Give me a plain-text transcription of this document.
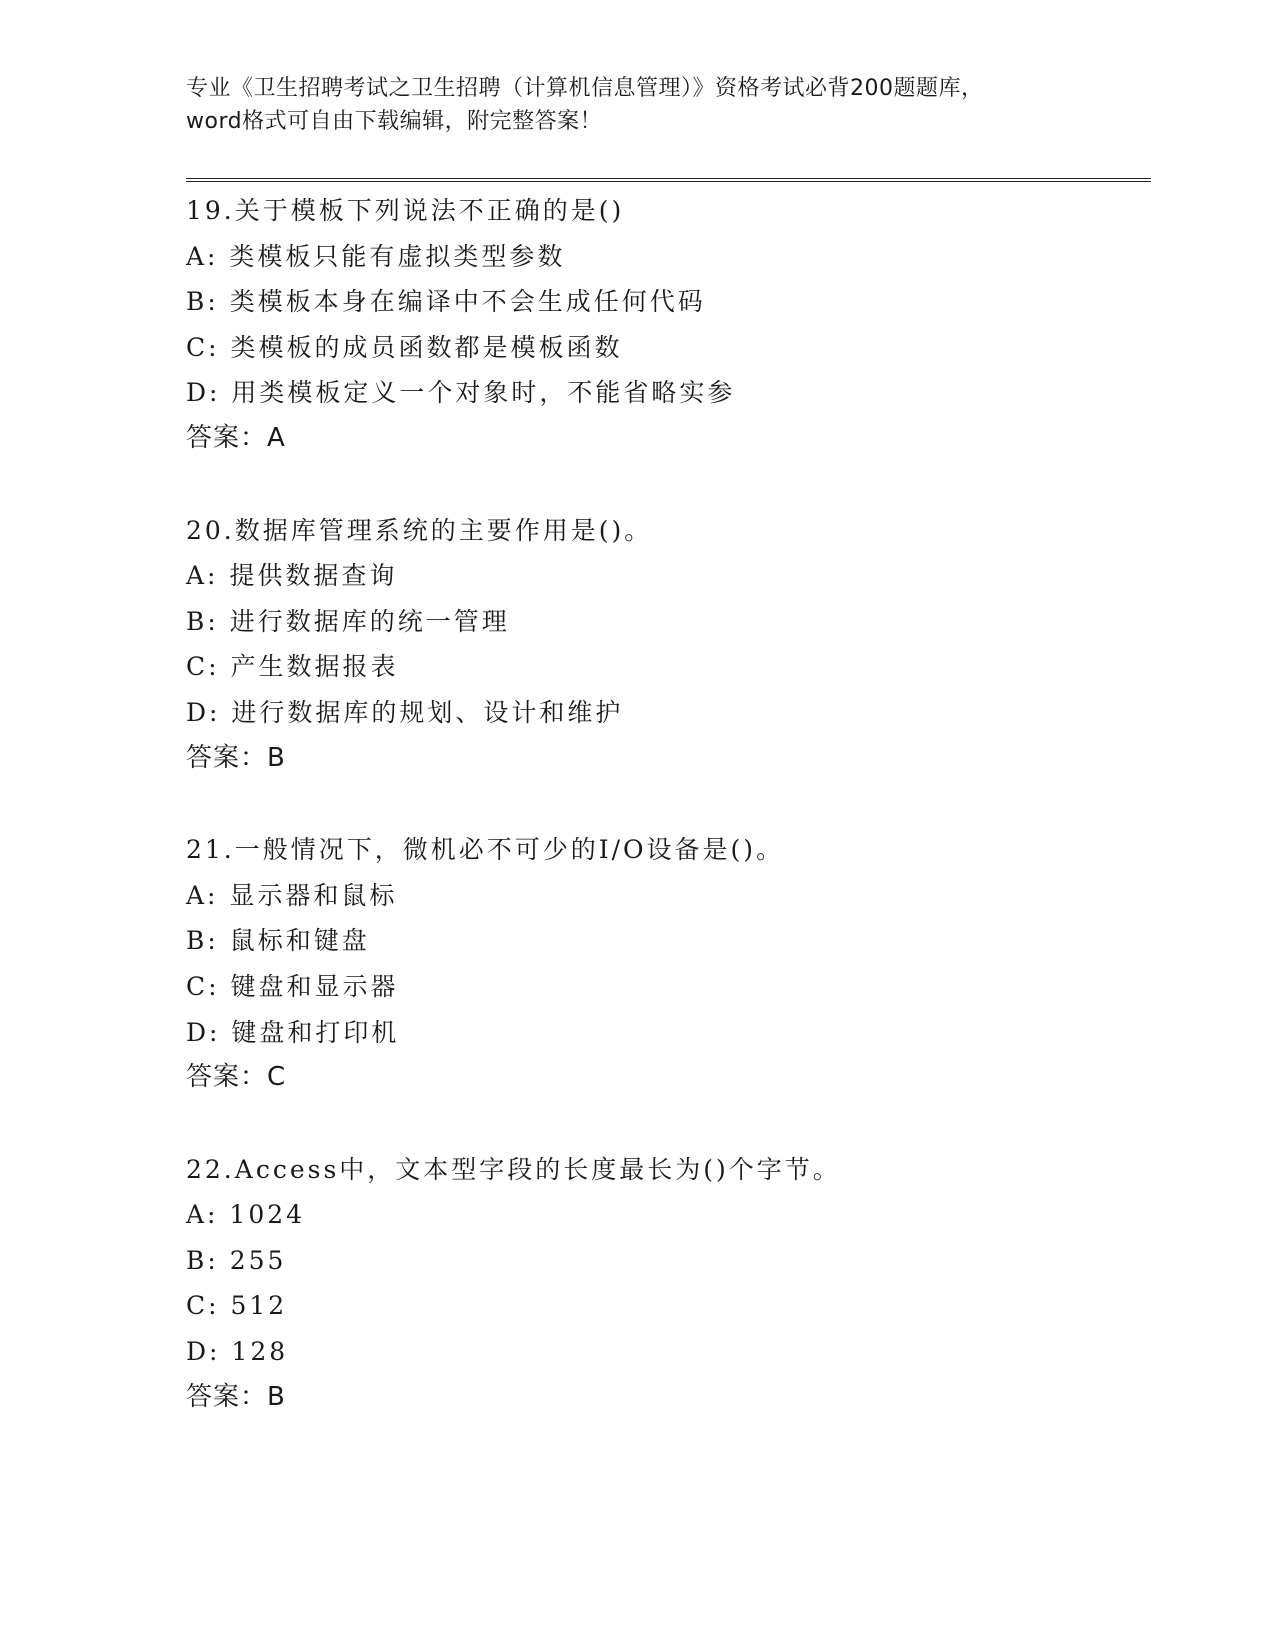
专业《卫生招聘考试之卫生招聘（计算机信息管理）》资格考试必背200题题库，
word格式可自由下载编辑，附完整答案！
19.关于模板下列说法不正确的是()
A: 类模板只能有虚拟类型参数
B: 类模板本身在编译中不会生成任何代码
C: 类模板的成员函数都是模板函数
D: 用类模板定义一个对象时，不能省略实参
答案：A
20.数据库管理系统的主要作用是()。
A: 提供数据查询
B: 进行数据库的统一管理
C: 产生数据报表
D: 进行数据库的规划、设计和维护
答案：B
21.一般情况下，微机必不可少的I/O设备是()。
A: 显示器和鼠标
B: 鼠标和键盘
C: 键盘和显示器
D: 键盘和打印机
答案：C
22.Access中，文本型字段的长度最长为()个字节。
A: 1024
B: 255
C: 512
D: 128
答案：B
